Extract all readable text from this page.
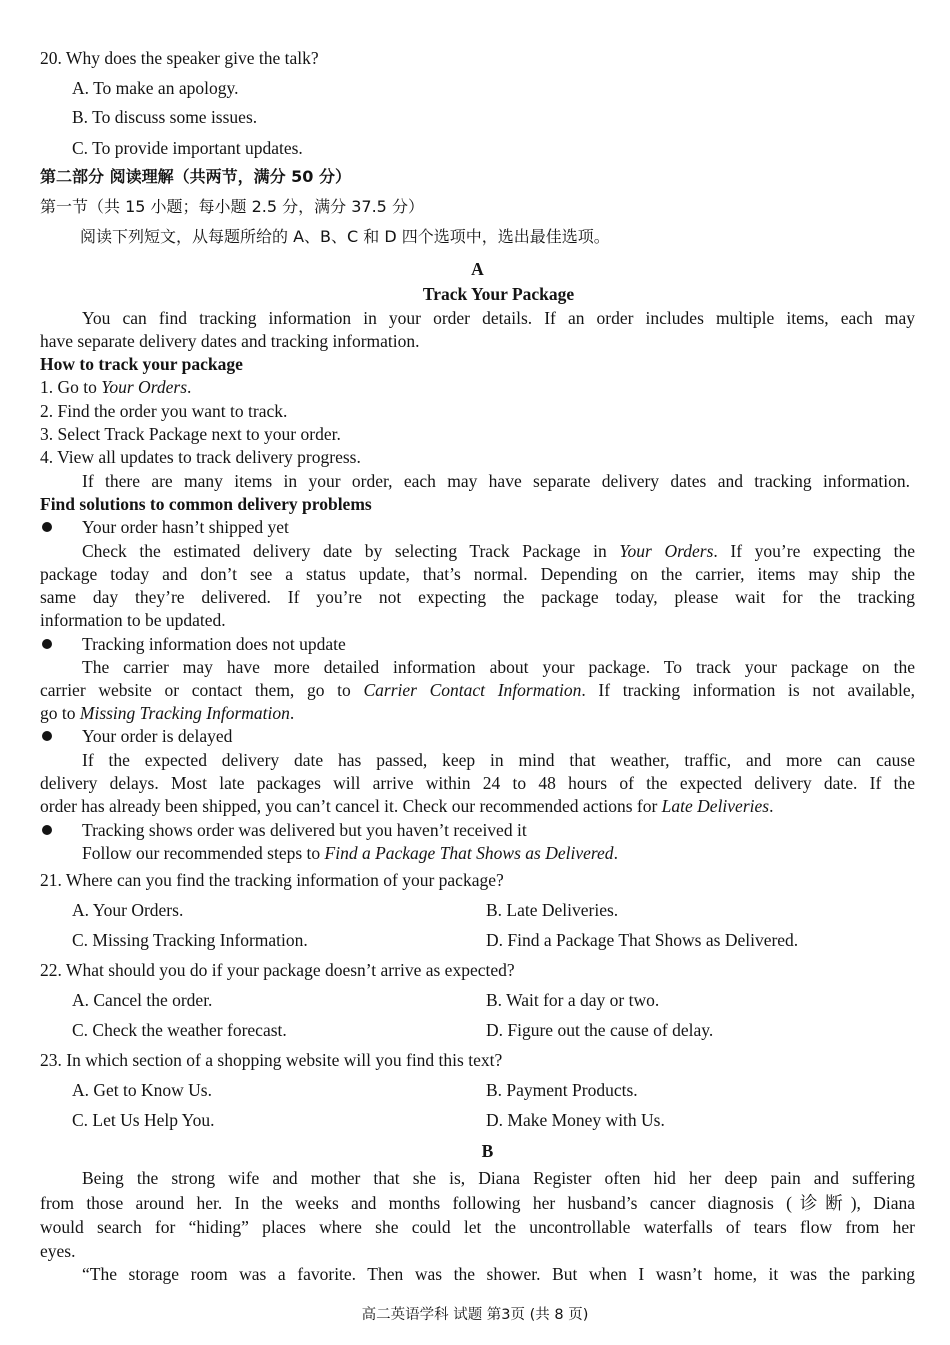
20. Why does the speaker give the talk?
A. To make an apology.
B. To discuss some issues.
C. To provide important updates.
第二部分 阅读理解（共两节，满分 50 分）
第一节（共 15 小题；每小题 2.5 分，满分 37.5 分）
阅读下列短文，从每题所给的 A、B、C 和 D 四个选项中，选出最佳选项。
A
Track Your Package
You can find tracking information in your order details. If an order includes multiple items, each may
have separate delivery dates and tracking information.
How to track your package
1. Go to Your Orders.
2. Find the order you want to track.
3. Select Track Package next to your order.
4. View all updates to track delivery progress.
If there are many items in your order, each may have separate delivery dates and tracking information.
Find solutions to common delivery problems
Your order hasn’t shipped yet
Check the estimated delivery date by selecting Track Package in Your Orders. If you’re expecting the
package today and don’t see a status update, that’s normal. Depending on the carrier, items may ship the
same day they’re delivered. If you’re not expecting the package today, please wait for the tracking
information to be updated.
Tracking information does not update
The carrier may have more detailed information about your package. To track your package on the
carrier website or contact them, go to Carrier Contact Information. If tracking information is not available,
go to Missing Tracking Information.
Your order is delayed
If the expected delivery date has passed, keep in mind that weather, traffic, and more can cause
delivery delays. Most late packages will arrive within 24 to 48 hours of the expected delivery date. If the
order has already been shipped, you can’t cancel it. Check our recommended actions for Late Deliveries.
Tracking shows order was delivered but you haven’t received it
Follow our recommended steps to Find a Package That Shows as Delivered.
21. Where can you find the tracking information of your package?
A. Your Orders.	B. Late Deliveries.
C. Missing Tracking Information.	D. Find a Package That Shows as Delivered.
22. What should you do if your package doesn’t arrive as expected?
A. Cancel the order.	B. Wait for a day or two.
C. Check the weather forecast.	D. Figure out the cause of delay.
23. In which section of a shopping website will you find this text?
A. Get to Know Us.	B. Payment Products.
C. Let Us Help You.	D. Make Money with Us.
B
Being the strong wife and mother that she is, Diana Register often hid her deep pain and suffering
from those around her. In the weeks and months following her husband’s cancer diagnosis (诊断), Diana
would search for “hiding” places where she could let the uncontrollable waterfalls of tears flow from her
eyes.
“The storage room was a favorite. Then was the shower. But when I wasn’t home, it was the parking
高二英语学科 试题 第3页 (共 8 页)
